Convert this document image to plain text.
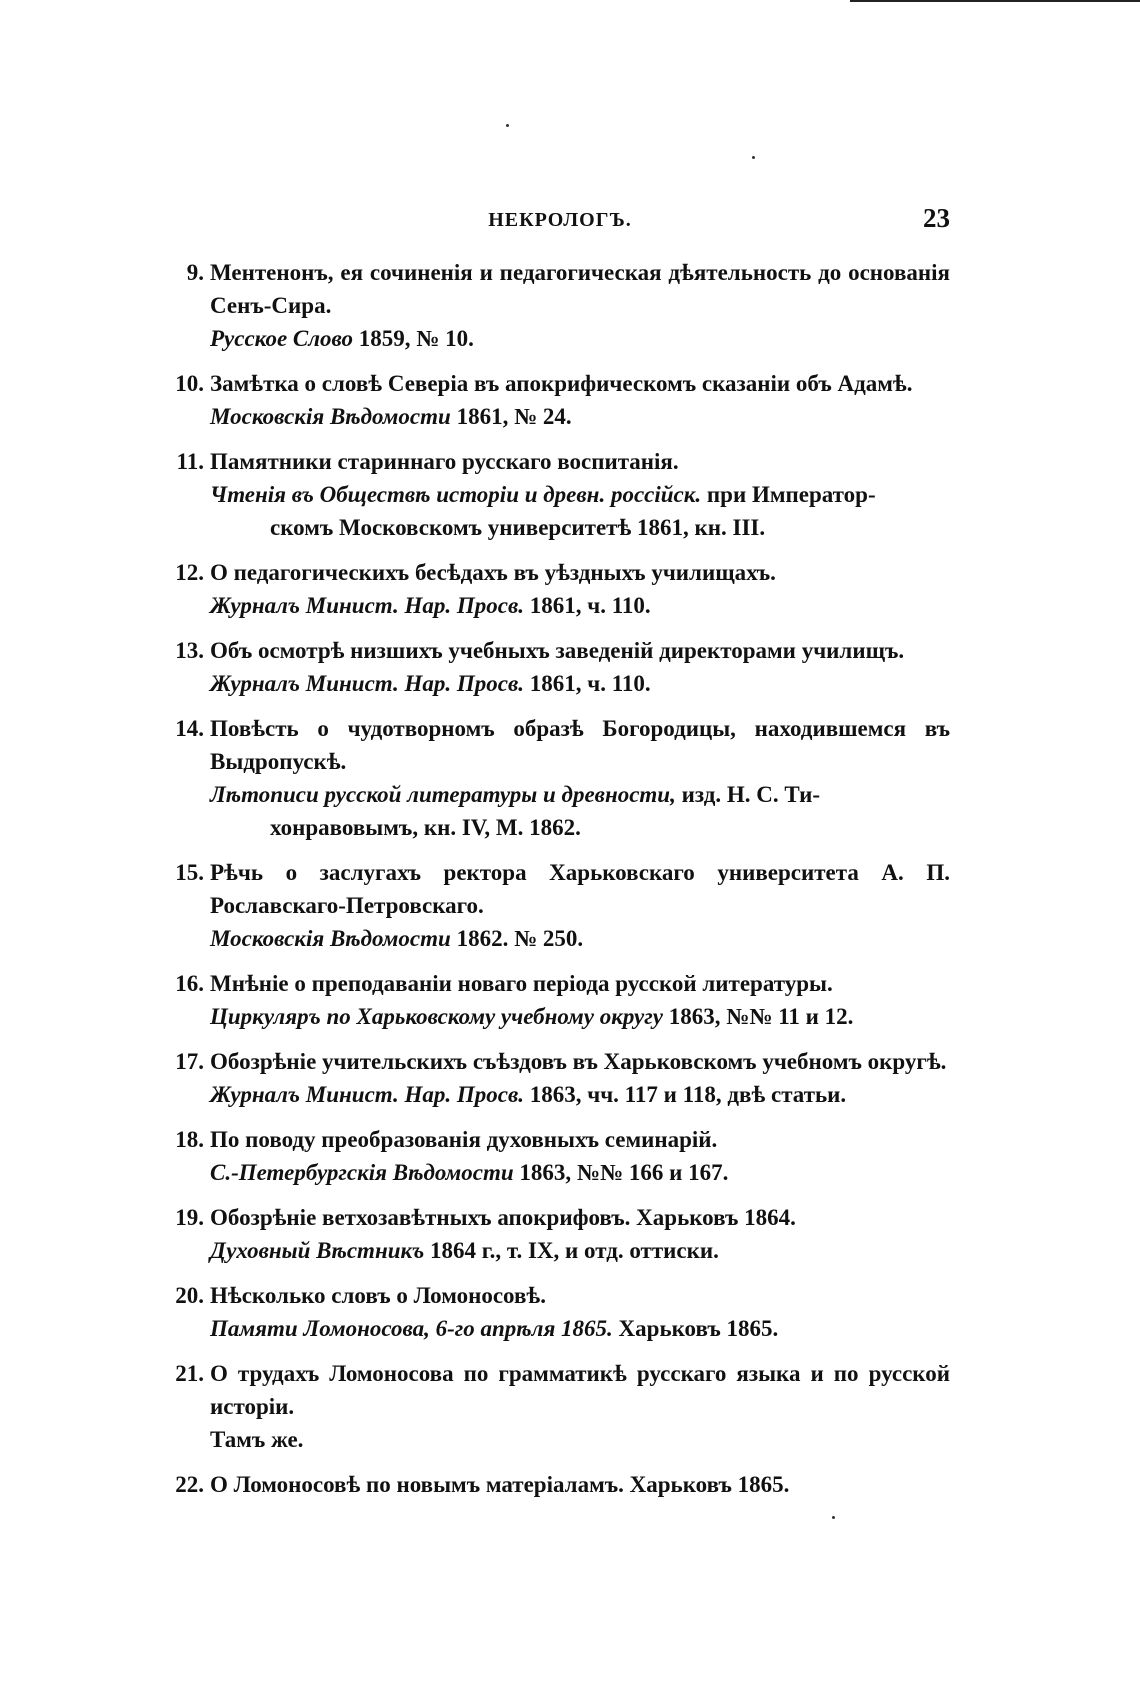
НЕКРОЛОГЪ.	23
9. Ментенонъ, ея сочиненія и педагогическая дѣятельность до основанія Сенъ-Сира.
Русское Слово 1859, № 10.
10. Замѣтка о словѣ Северіа въ апокрифическомъ сказаніи объ Адамѣ.
Московскія Вѣдомости 1861, № 24.
11. Памятники стариннаго русскаго воспитанія.
Чтенія въ Обществѣ исторіи и древн. россійск. при Император-
скомъ Московскомъ университетѣ 1861, кн. III.
12. О педагогическихъ бесѣдахъ въ уѣздныхъ училищахъ.
Журналъ Минист. Нар. Просв. 1861, ч. 110.
13. Объ осмотрѣ низшихъ учебныхъ заведеній директорами училищъ.
Журналъ Минист. Нар. Просв. 1861, ч. 110.
14. Повѣсть о чудотворномъ образѣ Богородицы, находившемся въ Выдропускѣ.
Лѣтописи русской литературы и древности, изд. Н. С. Ти-
хонравовымъ, кн. IV, М. 1862.
15. Рѣчь о заслугахъ ректора Харьковскаго университета А. П. Рославскаго-Петровскаго.
Московскія Вѣдомости 1862. № 250.
16. Мнѣніе о преподаваніи новаго періода русской литературы.
Циркуляръ по Харьковскому учебному округу 1863, №№ 11 и 12.
17. Обозрѣніе учительскихъ съѣздовъ въ Харьковскомъ учебномъ округѣ.
Журналъ Минист. Нар. Просв. 1863, чч. 117 и 118, двѣ статьи.
18. По поводу преобразованія духовныхъ семинарій.
С.-Петербургскія Вѣдомости 1863, №№ 166 и 167.
19. Обозрѣніе ветхозавѣтныхъ апокрифовъ. Харьковъ 1864.
Духовный Вѣстникъ 1864 г., т. IX, и отд. оттиски.
20. Нѣсколько словъ о Ломоносовѣ.
Памяти Ломоносова, 6-го апрѣля 1865. Харьковъ 1865.
21. О трудахъ Ломоносова по грамматикѣ русскаго языка и по русской исторіи.
Тамъ же.
22. О Ломоносовѣ по новымъ матеріаламъ. Харьковъ 1865.
